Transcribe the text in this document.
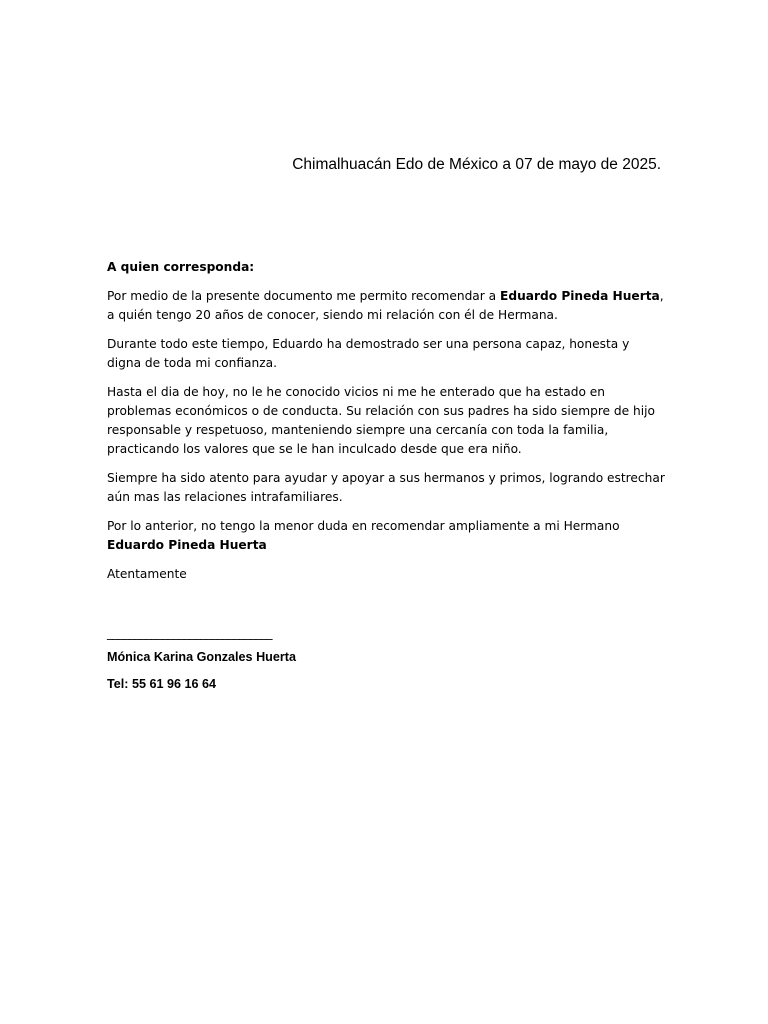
Chimalhuacán Edo de México a 07 de mayo de 2025.

A quien corresponda:

Por medio de la presente documento me permito recomendar a Eduardo Pineda Huerta, a quién tengo 20 años de conocer, siendo mi relación con él de Hermana.

Durante todo este tiempo, Eduardo ha demostrado ser una persona capaz, honesta y digna de toda mi confianza.

Hasta el dia de hoy, no le he conocido vicios ni me he enterado que ha estado en problemas económicos o de conducta. Su relación con sus padres ha sido siempre de hijo responsable y respetuoso, manteniendo siempre una cercanía con toda la familia, practicando los valores que se le han inculcado desde que era niño.

Siempre ha sido atento para ayudar y apoyar a sus hermanos y primos, logrando estrechar aún mas las relaciones intrafamiliares.

Por lo anterior, no tengo la menor duda en recomendar ampliamente a mi Hermano Eduardo Pineda Huerta

Atentamente

______________________________
Mónica Karina Gonzales Huerta
Tel: 55 61 96 16 64
